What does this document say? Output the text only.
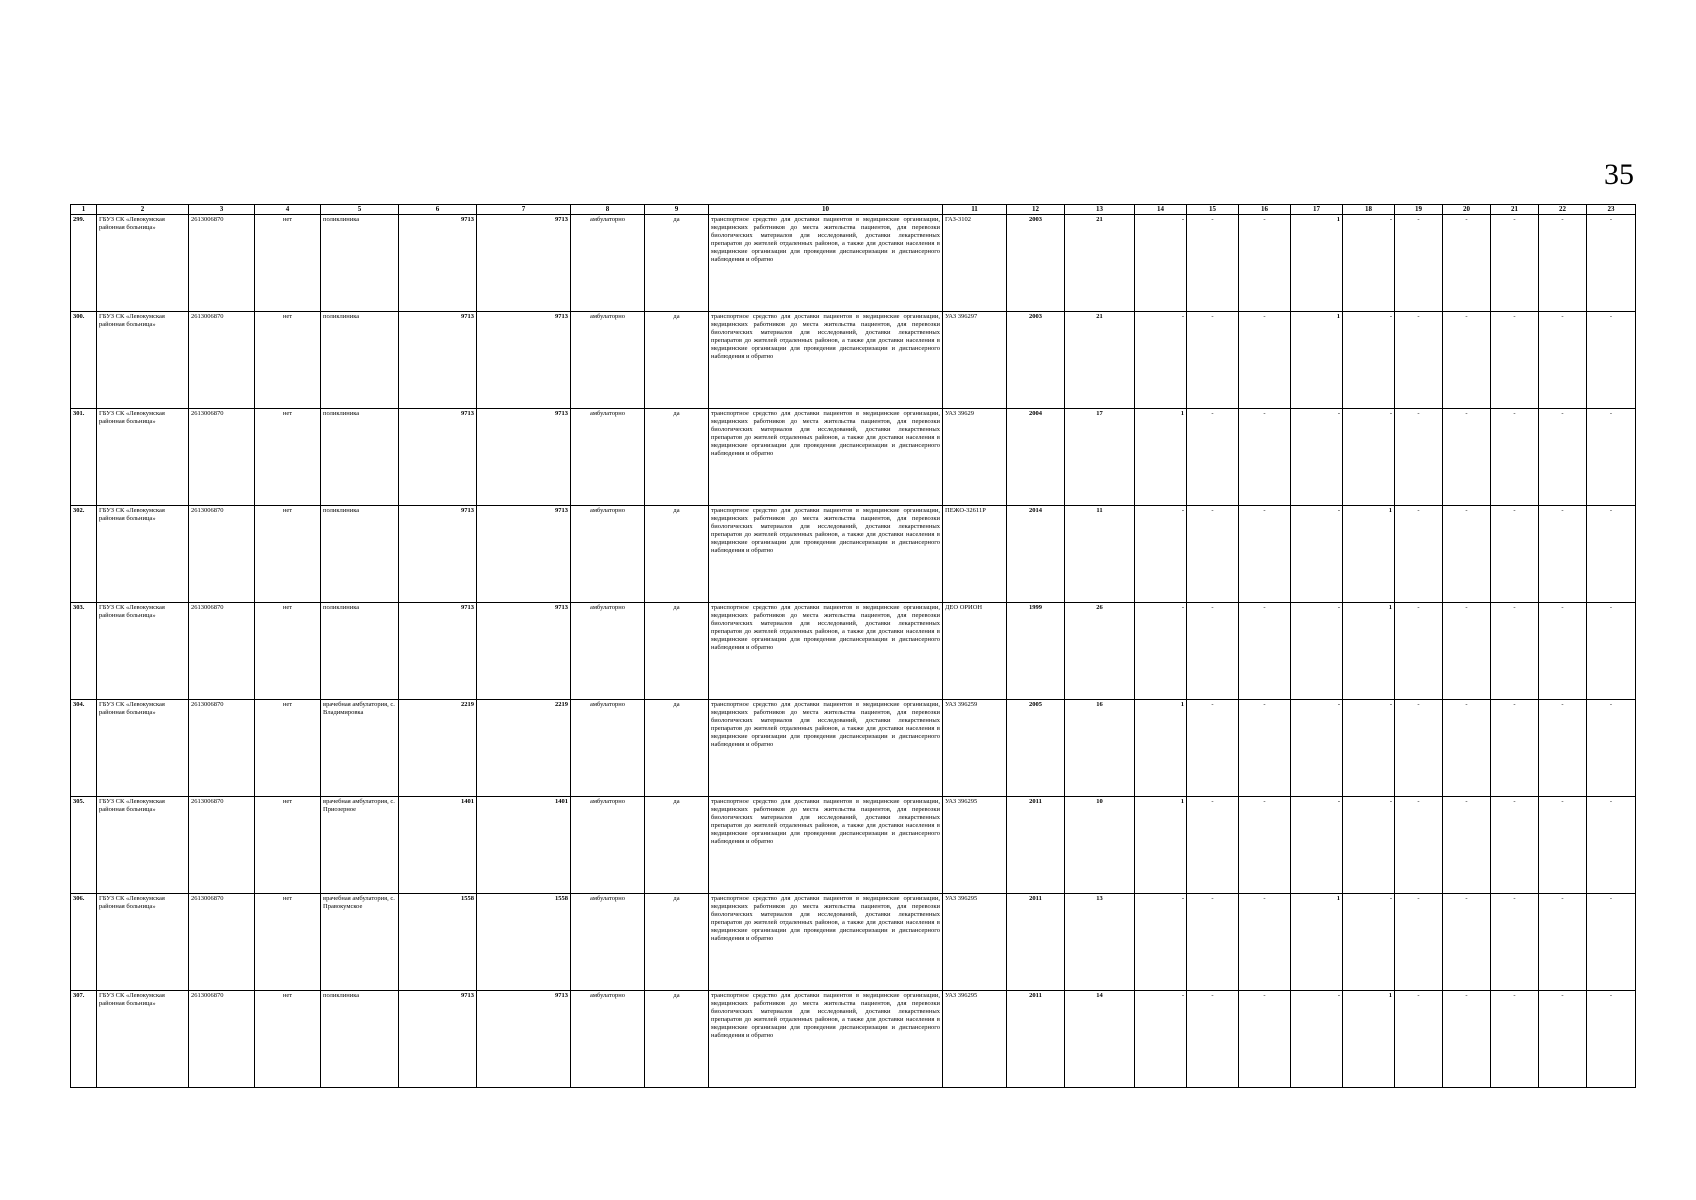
35
1	2	3	4	5	6	7	8	9	10	11	12	13	14	15	16	17	18	19	20	21	22	23
299.	ГБУЗ СК «Левокумская районная больница»	2613006870	нет	поликлиника	9713	9713	амбулаторно	да	транспортное средство для доставки пациентов в медицинские организации, медицинских работников до места жительства пациентов, для перевозки биологических материалов для исследований, доставки лекарственных препаратов до жителей отдаленных районов, а также для доставки населения в медицинские организации для проведения диспансеризации и диспансерного наблюдения и обратно	ГАЗ-3102	2003	21	-	-	-	1	-	-	-	-	-	-
300.	ГБУЗ СК «Левокумская районная больница»	2613006870	нет	поликлиника	9713	9713	амбулаторно	да	транспортное средство для доставки пациентов в медицинские организации, медицинских работников до места жительства пациентов, для перевозки биологических материалов для исследований, доставки лекарственных препаратов до жителей отдаленных районов, а также для доставки населения в медицинские организации для проведения диспансеризации и диспансерного наблюдения и обратно	УАЗ 396297	2003	21	-	-	-	1	-	-	-	-	-	-
301.	ГБУЗ СК «Левокумская районная больница»	2613006870	нет	поликлиника	9713	9713	амбулаторно	да	транспортное средство для доставки пациентов в медицинские организации, медицинских работников до места жительства пациентов, для перевозки биологических материалов для исследований, доставки лекарственных препаратов до жителей отдаленных районов, а также для доставки населения в медицинские организации для проведения диспансеризации и диспансерного наблюдения и обратно	УАЗ 39629	2004	17	1	-	-	-	-	-	-	-	-	-
302.	ГБУЗ СК «Левокумская районная больница»	2613006870	нет	поликлиника	9713	9713	амбулаторно	да	транспортное средство для доставки пациентов в медицинские организации, медицинских работников до места жительства пациентов, для перевозки биологических материалов для исследований, доставки лекарственных препаратов до жителей отдаленных районов, а также для доставки населения в медицинские организации для проведения диспансеризации и диспансерного наблюдения и обратно	ПЕЖО-32611Р	2014	11	-	-	-	-	1	-	-	-	-	-
303.	ГБУЗ СК «Левокумская районная больница»	2613006870	нет	поликлиника	9713	9713	амбулаторно	да	транспортное средство для доставки пациентов в медицинские организации, медицинских работников до места жительства пациентов, для перевозки биологических материалов для исследований, доставки лекарственных препаратов до жителей отдаленных районов, а также для доставки населения в медицинские организации для проведения диспансеризации и диспансерного наблюдения и обратно	ДЕО ОРИОН	1999	26	-	-	-	-	1	-	-	-	-	-
304.	ГБУЗ СК «Левокумская районная больница»	2613006870	нет	врачебная амбулатория, с. Владимировка	2219	2219	амбулаторно	да	транспортное средство для доставки пациентов в медицинские организации, медицинских работников до места жительства пациентов, для перевозки биологических материалов для исследований, доставки лекарственных препаратов до жителей отдаленных районов, а также для доставки населения в медицинские организации для проведения диспансеризации и диспансерного наблюдения и обратно	УАЗ 396259	2005	16	1	-	-	-	-	-	-	-	-	-
305.	ГБУЗ СК «Левокумская районная больница»	2613006870	нет	врачебная амбулатория, с. Приозерное	1401	1401	амбулаторно	да	транспортное средство для доставки пациентов в медицинские организации, медицинских работников до места жительства пациентов, для перевозки биологических материалов для исследований, доставки лекарственных препаратов до жителей отдаленных районов, а также для доставки населения в медицинские организации для проведения диспансеризации и диспансерного наблюдения и обратно	УАЗ 396295	2011	10	1	-	-	-	-	-	-	-	-	-
306.	ГБУЗ СК «Левокумская районная больница»	2613006870	нет	врачебная амбулатория, с. Правокумское	1558	1558	амбулаторно	да	транспортное средство для доставки пациентов в медицинские организации, медицинских работников до места жительства пациентов, для перевозки биологических материалов для исследований, доставки лекарственных препаратов до жителей отдаленных районов, а также для доставки населения в медицинские организации для проведения диспансеризации и диспансерного наблюдения и обратно	УАЗ 396295	2011	13	-	-	-	1	-	-	-	-	-	-
307.	ГБУЗ СК «Левокумская районная больница»	2613006870	нет	поликлиника	9713	9713	амбулаторно	да	транспортное средство для доставки пациентов в медицинские организации, медицинских работников до места жительства пациентов, для перевозки биологических материалов для исследований, доставки лекарственных препаратов до жителей отдаленных районов, а также для доставки населения в медицинские организации для проведения диспансеризации и диспансерного наблюдения и обратно	УАЗ 396295	2011	14	-	-	-	-	1	-	-	-	-	-
